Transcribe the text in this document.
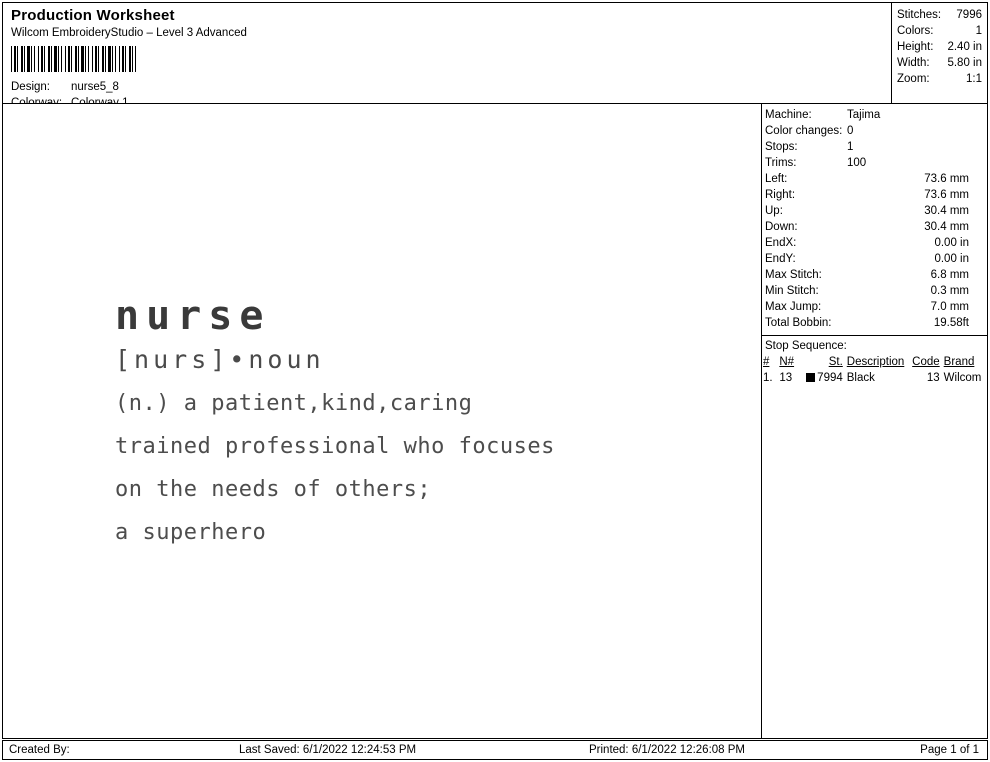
Production Worksheet
Wilcom EmbroideryStudio – Level 3 Advanced
Design:	nurse5_8
Stitches: 7996
Colors:	1
Height: 2.40 in
Width: 5.80 in
Zoom:	1:1
nurse
[nurs]•noun
(n.) a patient,kind,caring
trained professional who focuses
on the needs of others;
a superhero
Machine:	Tajima
Color changes: 0
Stops:	1
Trims:	100
Left:	73.6 mm
Right:	73.6 mm
Up:	30.4 mm
Down:	30.4 mm
EndX:	0.00 in
EndY:	0.00 in
Max Stitch:	6.8 mm
Min Stitch:	0.3 mm
Max Jump:	7.0 mm
Total Bobbin:	19.58ft
Stop Sequence:
#	N#	St.	Description	Code	Brand
1.	13	7994	Black	13	Wilcom
Created By:	Last Saved: 6/1/2022 12:24:53 PM	Printed: 6/1/2022 12:26:08 PM	Page 1 of 1
